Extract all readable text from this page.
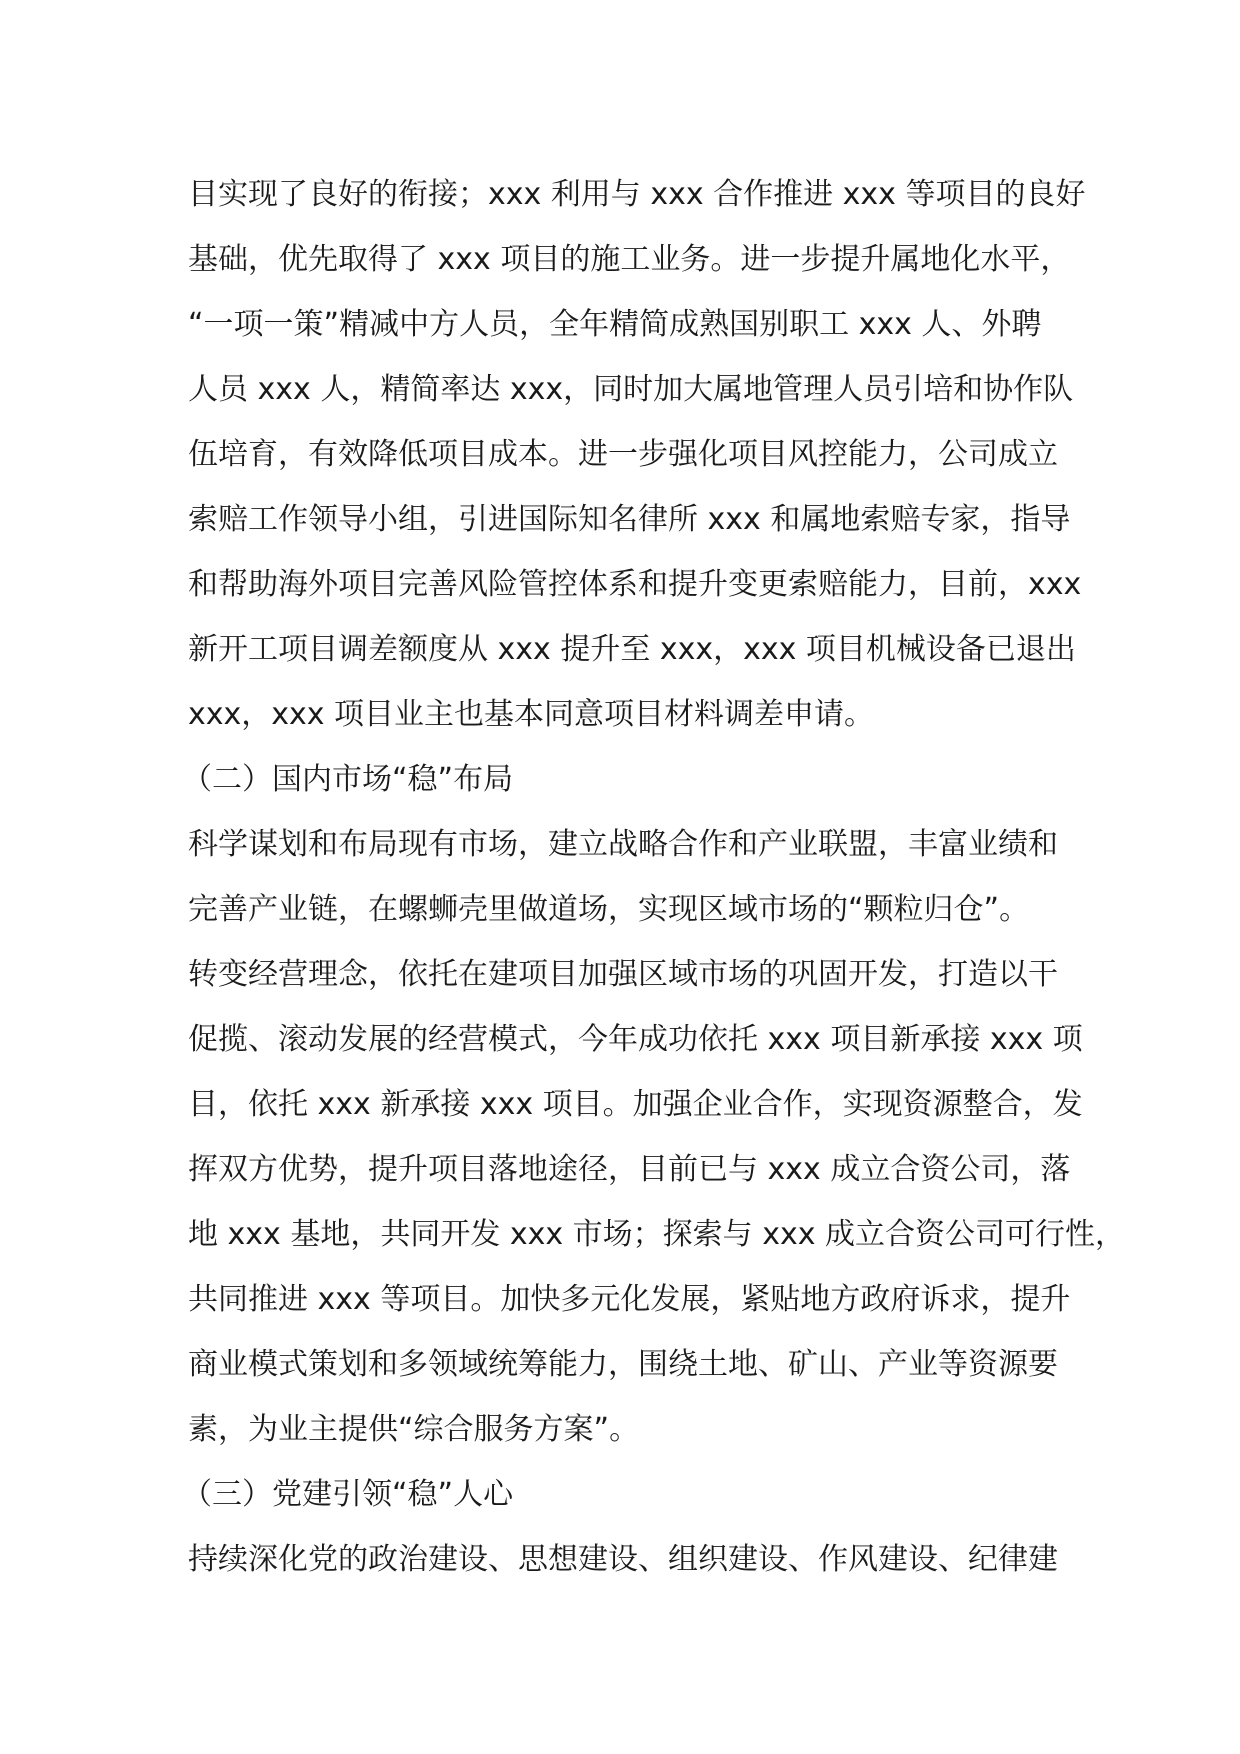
目实现了良好的衔接；xxx 利用与 xxx 合作推进 xxx 等项目的良好
基础，优先取得了 xxx 项目的施工业务。进一步提升属地化水平，
“一项一策”精减中方人员，全年精简成熟国别职工 xxx 人、外聘
人员 xxx 人，精简率达 xxx，同时加大属地管理人员引培和协作队
伍培育，有效降低项目成本。进一步强化项目风控能力，公司成立
索赔工作领导小组，引进国际知名律所 xxx 和属地索赔专家，指导
和帮助海外项目完善风险管控体系和提升变更索赔能力，目前，xxx
新开工项目调差额度从 xxx 提升至 xxx，xxx 项目机械设备已退出
xxx，xxx 项目业主也基本同意项目材料调差申请。
（二）国内市场“稳”布局
科学谋划和布局现有市场，建立战略合作和产业联盟，丰富业绩和
完善产业链，在螺蛳壳里做道场，实现区域市场的“颗粒归仓”。
转变经营理念，依托在建项目加强区域市场的巩固开发，打造以干
促揽、滚动发展的经营模式，今年成功依托 xxx 项目新承接 xxx 项
目，依托 xxx 新承接 xxx 项目。加强企业合作，实现资源整合，发
挥双方优势，提升项目落地途径，目前已与 xxx 成立合资公司，落
地 xxx 基地，共同开发 xxx 市场；探索与 xxx 成立合资公司可行性，
共同推进 xxx 等项目。加快多元化发展，紧贴地方政府诉求，提升
商业模式策划和多领域统筹能力，围绕土地、矿山、产业等资源要
素，为业主提供“综合服务方案”。
（三）党建引领“稳”人心
持续深化党的政治建设、思想建设、组织建设、作风建设、纪律建
